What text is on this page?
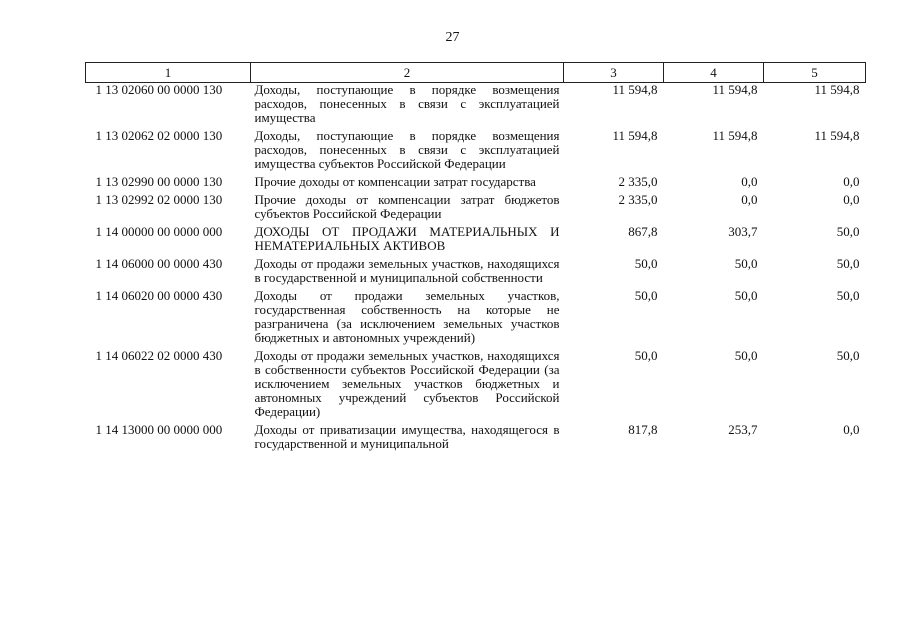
27
1	2	3	4	5
1 13 02060 00 0000 130	Доходы, поступающие в порядке возмещения расходов, понесенных в связи с эксплуатацией имущества	11 594,8	11 594,8	11 594,8
1 13 02062 02 0000 130	Доходы, поступающие в порядке возмещения расходов, понесенных в связи с эксплуатацией имущества субъектов Российской Федерации	11 594,8	11 594,8	11 594,8
1 13 02990 00 0000 130	Прочие доходы от компенсации затрат государства	2 335,0	0,0	0,0
1 13 02992 02 0000 130	Прочие доходы от компенсации затрат бюджетов субъектов Российской Федерации	2 335,0	0,0	0,0
1 14 00000 00 0000 000	ДОХОДЫ ОТ ПРОДАЖИ МАТЕРИАЛЬНЫХ И НЕМАТЕРИАЛЬНЫХ АКТИВОВ	867,8	303,7	50,0
1 14 06000 00 0000 430	Доходы от продажи земельных участков, находящихся в государственной и муниципальной собственности	50,0	50,0	50,0
1 14 06020 00 0000 430	Доходы от продажи земельных участков, государственная собственность на которые не разграничена (за исключением земельных участков бюджетных и автономных учреждений)	50,0	50,0	50,0
1 14 06022 02 0000 430	Доходы от продажи земельных участков, находящихся в собственности субъектов Российской Федерации (за исключением земельных участков бюджетных и автономных учреждений субъектов Российской Федерации)	50,0	50,0	50,0
1 14 13000 00 0000 000	Доходы от приватизации имущества, находящегося в государственной и муниципальной	817,8	253,7	0,0
